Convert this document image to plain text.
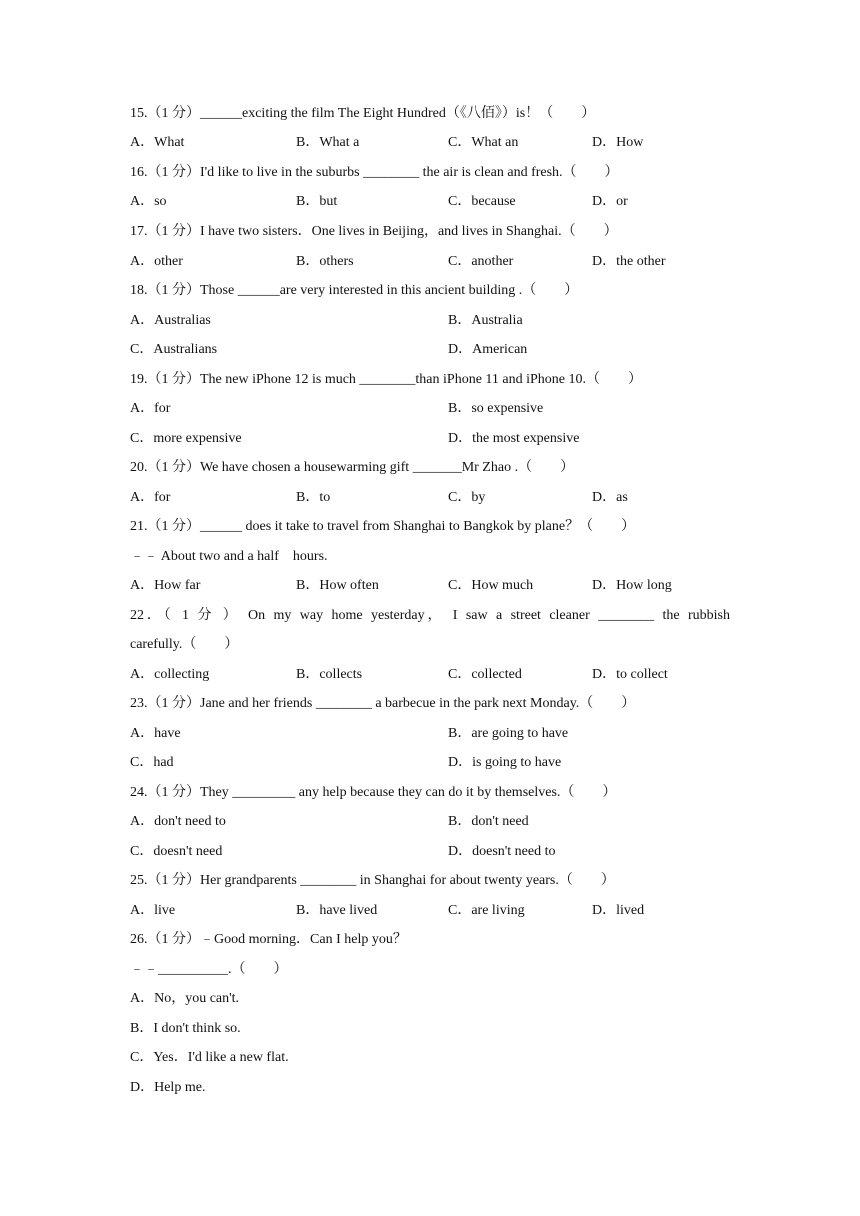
15.（1 分）______exciting the film The Eight Hundred（《八佰》）is！（　　）
A．What	B．What a	C．What an	D．How
16.（1 分）I'd like to live in the suburbs ________ the air is clean and fresh.（　　）
A．so	B．but	C．because	D．or
17.（1 分）I have two sisters．One lives in Beijing，and lives in Shanghai.（　　）
A．other	B．others	C．another	D．the other
18.（1 分）Those ______are very interested in this ancient building .（　　）
A．Australias	B．Australia
C．Australians	D．American
19.（1 分）The new iPhone 12 is much ________than iPhone 11 and iPhone 10.（　　）
A．for	B．so expensive
C．more expensive	D．the most expensive
20.（1 分）We have chosen a housewarming gift _______Mr Zhao .（　　）
A．for	B．to	C．by	D．as
21.（1 分）______ does it take to travel from Shanghai to Bangkok by plane？（　　）
﹣﹣ About two and a half　hours.
A．How far	B．How often	C．How much	D．How long
22．（ 1 分 ） On my way home yesterday， I saw a street cleaner ________ the rubbish
carefully.（　　）
A．collecting	B．collects	C．collected	D．to collect
23.（1 分）Jane and her friends ________ a barbecue in the park next Monday.（　　）
A．have	B．are going to have
C．had	D．is going to have
24.（1 分）They _________ any help because they can do it by themselves.（　　）
A．don't need to	B．don't need
C．doesn't need	D．doesn't need to
25.（1 分）Her grandparents ________ in Shanghai for about twenty years.（　　）
A．live	B．have lived	C．are living	D．lived
26.（1 分）﹣Good morning．Can I help you？
﹣﹣__________.（　　）
A．No，you can't.
B．I don't think so.
C．Yes．I'd like a new flat.
D．Help me.
